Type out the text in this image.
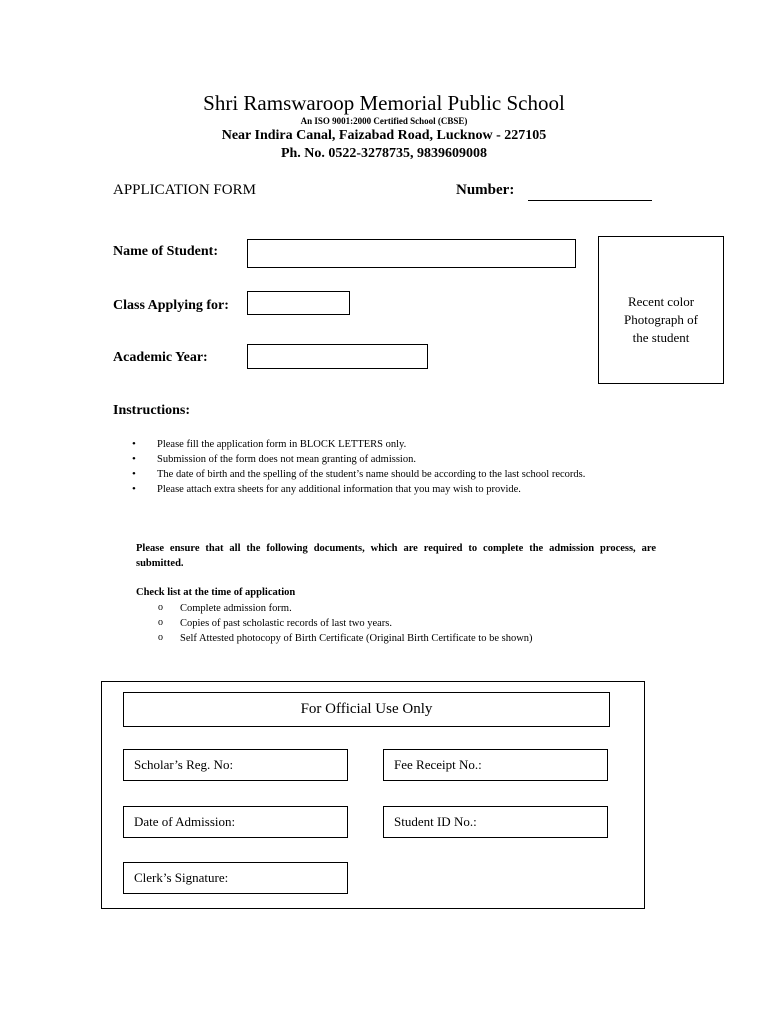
Shri Ramswaroop Memorial Public School
An ISO 9001:2000 Certified School (CBSE)
Near Indira Canal, Faizabad Road, Lucknow - 227105
Ph. No. 0522-3278735, 9839609008
APPLICATION FORM	Number:
Name of Student:
Class Applying for:
Academic Year:
Recent color
Photograph of
the student
Instructions:
• Please fill the application form in BLOCK LETTERS only.
• Submission of the form does not mean granting of admission.
• The date of birth and the spelling of the student’s name should be according to the last school records.
• Please attach extra sheets for any additional information that you may wish to provide.
Please ensure that all the following documents, which are required to complete the admission process, are submitted.
Check list at the time of application
o Complete admission form.
o Copies of past scholastic records of last two years.
o Self Attested photocopy of Birth Certificate (Original Birth Certificate to be shown)
For Official Use Only
Scholar’s Reg. No:	Fee Receipt No.:
Date of Admission:	Student ID No.:
Clerk’s Signature:
